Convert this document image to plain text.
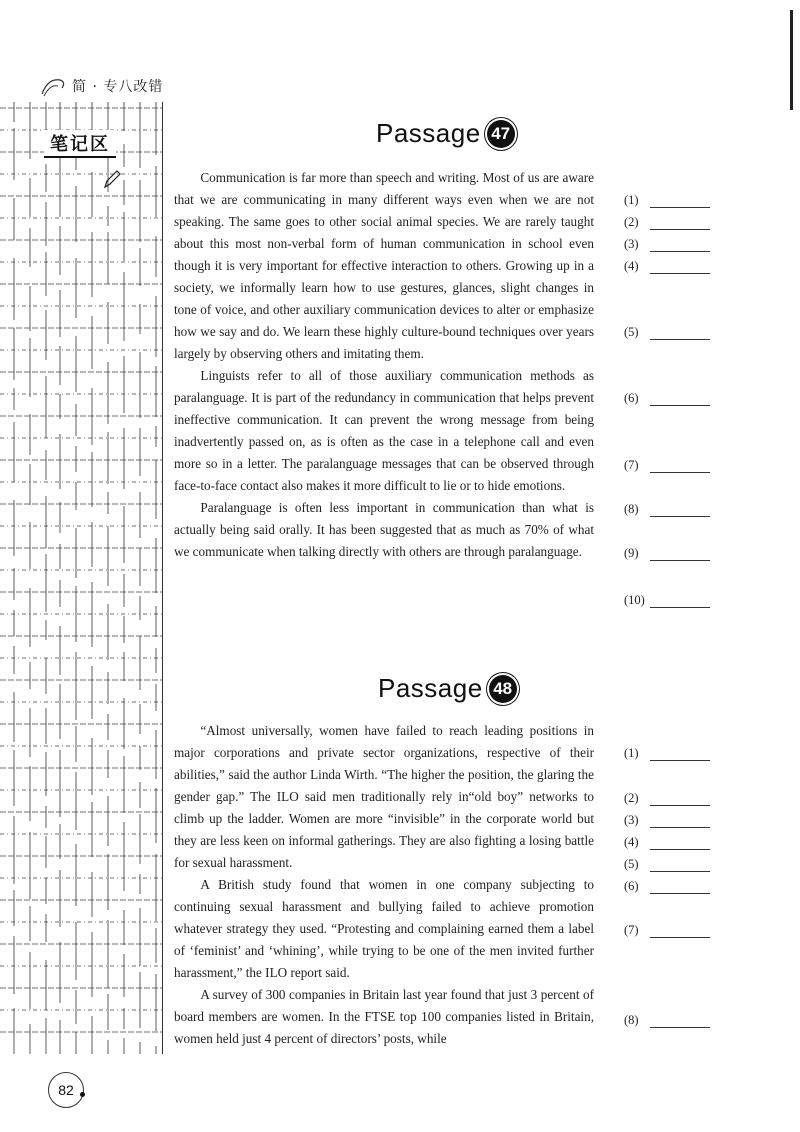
简 · 专八改错
笔记区	Passage 47

Communication is far more than speech and writing. Most of us are aware that we are communicating in many different ways even when we are not speaking. The same goes to other social animal species. We are rarely taught about this most non-verbal form of human communication in school even though it is very important for effective interaction to others. Growing up in a society, we informally learn how to use gestures, glances, slight changes in tone of voice, and other auxiliary communication devices to alter or emphasize how we say and do. We learn these highly culture-bound techniques over years largely by observing others and imitating them.

Linguists refer to all of those auxiliary communication methods as paralanguage. It is part of the redundancy in communication that helps prevent ineffective communication. It can prevent the wrong message from being inadvertently passed on, as is often as the case in a telephone call and even more so in a letter. The paralanguage messages that can be observed through face-to-face contact also makes it more difficult to lie or to hide emotions.

Paralanguage is often less important in communication than what is actually being said orally. It has been suggested that as much as 70% of what we communicate when talking directly with others are through paralanguage.

(1)
(2)
(3)
(4)
(5)
(6)
(7)
(8)
(9)
(10)
Passage 48

“Almost universally, women have failed to reach leading positions in major corporations and private sector organizations, respective of their abilities,” said the author Linda Wirth. “The higher the position, the glaring the gender gap.” The ILO said men traditionally rely in“old boy” networks to climb up the ladder. Women are more “invisible” in the corporate world but they are less keen on informal gatherings. They are also fighting a losing battle for sexual harassment.

A British study found that women in one company subjecting to continuing sexual harassment and bullying failed to achieve promotion whatever strategy they used. “Protesting and complaining earned them a label of ‘feminist’ and ‘whining’, while trying to be one of the men invited further harassment,” the ILO report said.

A survey of 300 companies in Britain last year found that just 3 percent of board members are women. In the FTSE top 100 companies listed in Britain, women held just 4 percent of directors’ posts, while

(1)
(2)
(3)
(4)
(5)
(6)
(7)
(8)
82
